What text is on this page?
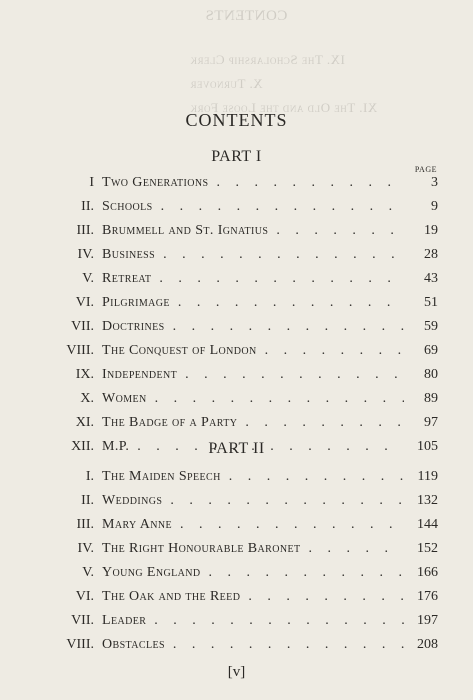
CONTENTS
IX. The Scholarship Clerk
X. Turnover
XI. The Old and the Loose Fork
CONTENTS
PART I
PAGE
I Two Generations . . .	3
II. Schools . . .	9
III. Brummell and St. Ignatius . . .	19
IV. Business . . .	28
V. Retreat . . .	43
VI. Pilgrimage . . .	51
VII. Doctrines . . .	59
VIII. The Conquest of London . . .	69
IX. Independent . . .	80
X. Women . . .	89
XI. The Badge of a Party . . .	97
XII. M.P. . . .	105
PART II
I. The Maiden Speech . . .	119
II. Weddings . . .	132
III. Mary Anne . . .	144
IV. The Right Honourable Baronet . . .	152
V. Young England . . .	166
VI. The Oak and the Reed . . .	176
VII. Leader . . .	197
VIII. Obstacles . . .	208
[v]
